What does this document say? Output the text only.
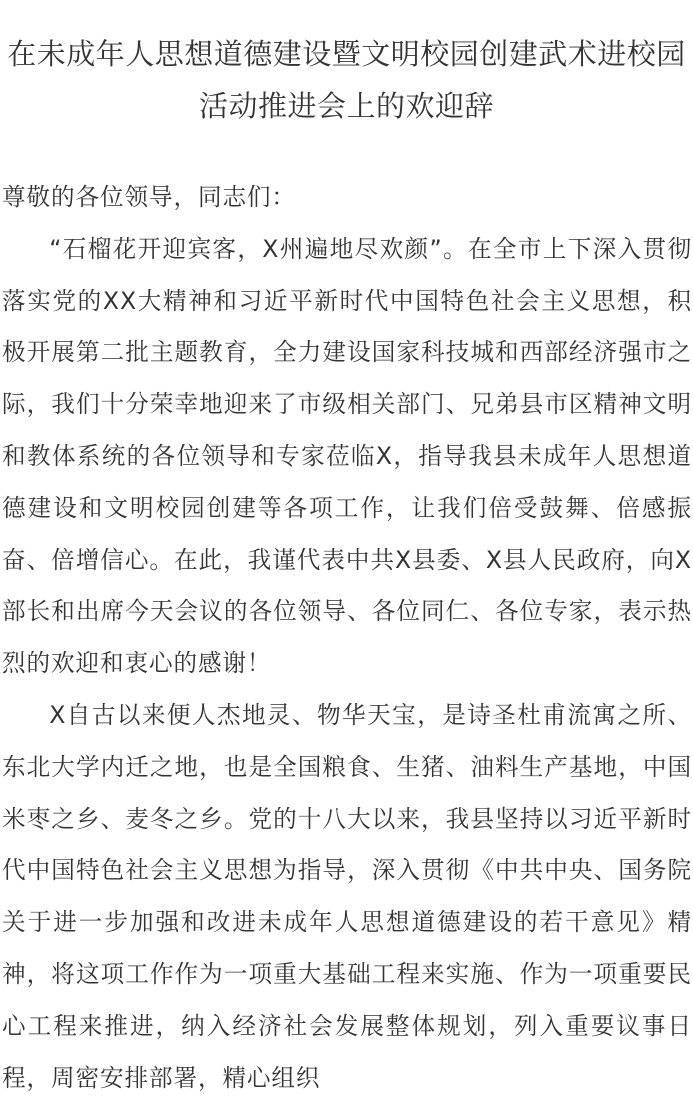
在未成年人思想道德建设暨文明校园创建武术进校园活动推进会上的欢迎辞

尊敬的各位领导，同志们：

“石榴花开迎宾客，X州遍地尽欢颜”。在全市上下深入贯彻落实党的XX大精神和习近平新时代中国特色社会主义思想，积极开展第二批主题教育，全力建设国家科技城和西部经济强市之际，我们十分荣幸地迎来了市级相关部门、兄弟县市区精神文明和教体系统的各位领导和专家莅临X，指导我县未成年人思想道德建设和文明校园创建等各项工作，让我们倍受鼓舞、倍感振奋、倍增信心。在此，我谨代表中共X县委、X县人民政府，向X部长和出席今天会议的各位领导、各位同仁、各位专家，表示热烈的欢迎和衷心的感谢！

X自古以来便人杰地灵、物华天宝，是诗圣杜甫流寓之所、东北大学内迁之地，也是全国粮食、生猪、油料生产基地，中国米枣之乡、麦冬之乡。党的十八大以来，我县坚持以习近平新时代中国特色社会主义思想为指导，深入贯彻《中共中央、国务院关于进一步加强和改进未成年人思想道德建设的若干意见》精神，将这项工作作为一项重大基础工程来实施、作为一项重要民心工程来推进，纳入经济社会发展整体规划，列入重要议事日程，周密安排部署，精心组织
